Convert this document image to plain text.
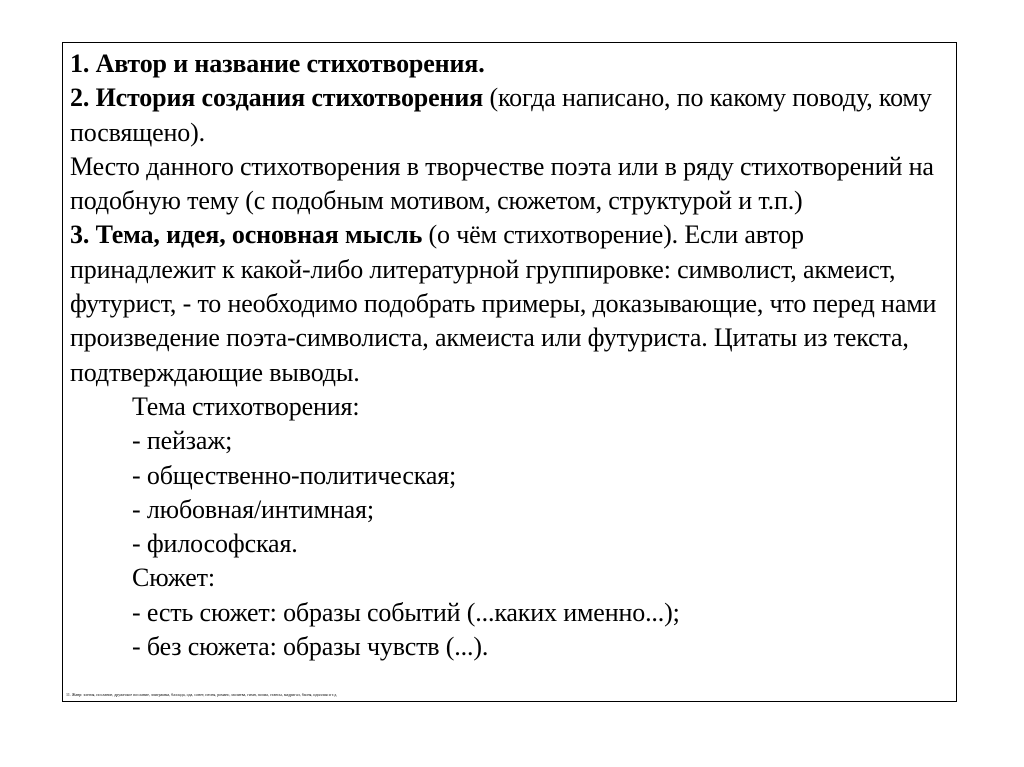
1. Автор и название стихотворения.

2. История создания стихотворения (когда написано, по какому поводу, кому посвящено).

Место данного стихотворения в творчестве поэта или в ряду стихотворений на подобную тему (с подобным мотивом, сюжетом, структурой и т.п.)

3. Тема, идея, основная мысль (о чём стихотворение). Если автор принадлежит к какой-либо литературной группировке: символист, акмеист, футурист, - то необходимо подобрать примеры, доказывающие, что перед нами произведение поэта-символиста, акмеиста или футуриста. Цитаты из текста, подтверждающие выводы.

Тема стихотворения:

- пейзаж;

- общественно-политическая;

- любовная/интимная;

- философская.

Сюжет:

- есть сюжет: образы событий (...каких именно...);

- без сюжета: образы чувств (...).

11. Жанр: элегия, послание, дружеское послание, эпиграмма, баллада, ода, сонет, песня, романс, молитва, гимн, поэма, стансы, мадригал, басня, идиллия и т.д.
